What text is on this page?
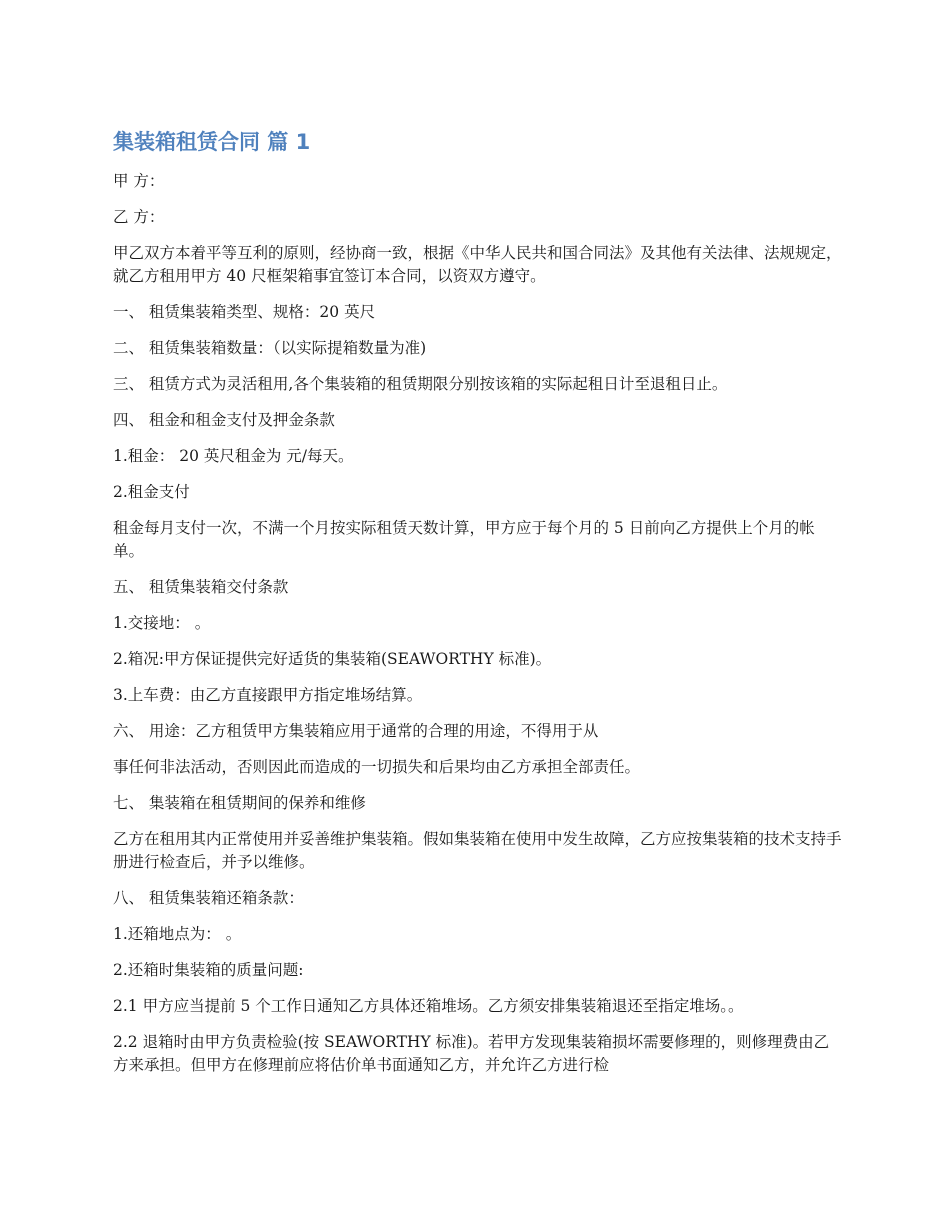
集装箱租赁合同 篇 1

甲 方：

乙 方：

甲乙双方本着平等互利的原则，经协商一致，根据《中华人民共和国合同法》及其他有关法律、法规规定，就乙方租用甲方 40 尺框架箱事宜签订本合同，以资双方遵守。

一、 租赁集装箱类型、规格：20 英尺

二、 租赁集装箱数量：（以实际提箱数量为准)

三、 租赁方式为灵活租用,各个集装箱的租赁期限分别按该箱的实际起租日计至退租日止。

四、 租金和租金支付及押金条款

1.租金： 20 英尺租金为 元/每天。

2.租金支付

租金每月支付一次，不满一个月按实际租赁天数计算，甲方应于每个月的 5 日前向乙方提供上个月的帐单。

五、 租赁集装箱交付条款

1.交接地： 。

2.箱况:甲方保证提供完好适货的集装箱(SEAWORTHY 标准)。

3.上车费：由乙方直接跟甲方指定堆场结算。

六、 用途：乙方租赁甲方集装箱应用于通常的合理的用途，不得用于从

事任何非法活动，否则因此而造成的一切损失和后果均由乙方承担全部责任。

七、 集装箱在租赁期间的保养和维修

乙方在租用其内正常使用并妥善维护集装箱。假如集装箱在使用中发生故障，乙方应按集装箱的技术支持手册进行检查后，并予以维修。

八、 租赁集装箱还箱条款：

1.还箱地点为： 。

2.还箱时集装箱的质量问题:

2.1 甲方应当提前 5 个工作日通知乙方具体还箱堆场。乙方须安排集装箱退还至指定堆场。。

2.2 退箱时由甲方负责检验(按 SEAWORTHY 标准)。若甲方发现集装箱损坏需要修理的，则修理费由乙方来承担。但甲方在修理前应将估价单书面通知乙方，并允许乙方进行检
